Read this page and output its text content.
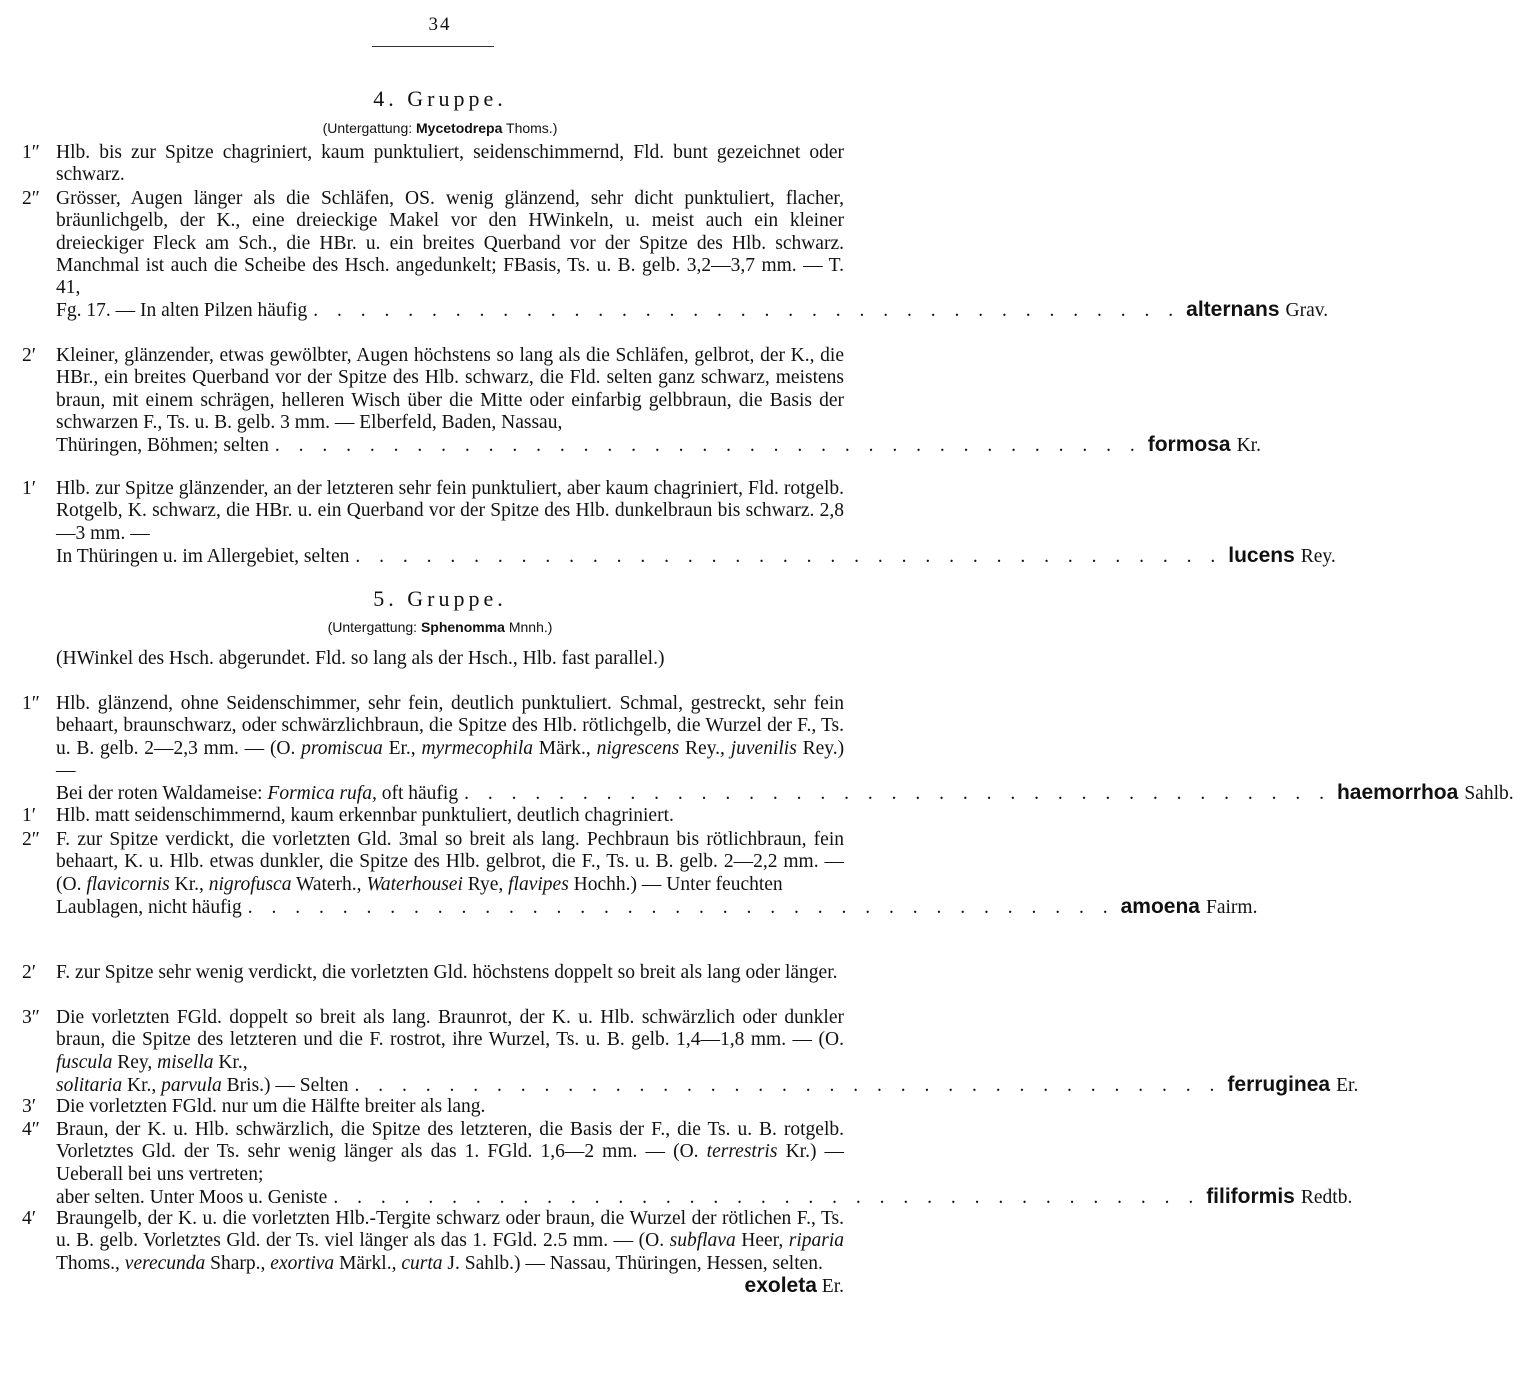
34
4. Gruppe.
(Untergattung: Mycetodrepa Thoms.)
1″ Hlb. bis zur Spitze chagriniert, kaum punktuliert, seidenschimmernd, Fld. bunt gezeichnet oder schwarz.
2″ Grösser, Augen länger als die Schläfen, OS. wenig glänzend, sehr dicht punktuliert, flacher, bräunlichgelb, der K., eine dreieckige Makel vor den HWinkeln, u. meist auch ein kleiner dreieckiger Fleck am Sch., die HBr. u. ein breites Querband vor der Spitze des Hlb. schwarz. Manchmal ist auch die Scheibe des Hsch. angedunkelt; FBasis, Ts. u. B. gelb. 3,2—3,7 mm. — T. 41,
Fg. 17. — In alten Pilzen häufig . . . . . . . . . . . . . . . . . . . . . . . . . . . . . . . . . . . . . alternans Grav.
2′ Kleiner, glänzender, etwas gewölbter, Augen höchstens so lang als die Schläfen, gelbrot, der K., die HBr., ein breites Querband vor der Spitze des Hlb. schwarz, die Fld. selten ganz schwarz, meistens braun, mit einem schrägen, helleren Wisch über die Mitte oder einfarbig gelbbraun, die Basis der schwarzen F., Ts. u. B. gelb. 3 mm. — Elberfeld, Baden, Nassau,
Thüringen, Böhmen; selten . . . . . . . . . . . . . . . . . . . . . . . . . . . . . . . . . . . . . formosa Kr.
1′ Hlb. zur Spitze glänzender, an der letzteren sehr fein punktuliert, aber kaum chagriniert, Fld. rotgelb. Rotgelb, K. schwarz, die HBr. u. ein Querband vor der Spitze des Hlb. dunkelbraun bis schwarz. 2,8—3 mm. —
In Thüringen u. im Allergebiet, selten . . . . . . . . . . . . . . . . . . . . . . . . . . . . . . . . . . . . . lucens Rey.
5. Gruppe.
(Untergattung: Sphenomma Mnnh.)
(HWinkel des Hsch. abgerundet. Fld. so lang als der Hsch., Hlb. fast parallel.)
1″ Hlb. glänzend, ohne Seidenschimmer, sehr fein, deutlich punktuliert. Schmal, gestreckt, sehr fein behaart, braunschwarz, oder schwärzlichbraun, die Spitze des Hlb. rötlichgelb, die Wurzel der F., Ts. u. B. gelb. 2—2,3 mm. — (O. promiscua Er., myrmecophila Märk., nigrescens Rey., juvenilis Rey.) —
Bei der roten Waldameise: Formica rufa, oft häufig . . . . . . . . . . . . . . . . . . . . . . . . . . . . . . . . . . . . . haemorrhoa Sahlb.
1′ Hlb. matt seidenschimmernd, kaum erkennbar punktuliert, deutlich chagriniert.
2″ F. zur Spitze verdickt, die vorletzten Gld. 3mal so breit als lang. Pechbraun bis rötlichbraun, fein behaart, K. u. Hlb. etwas dunkler, die Spitze des Hlb. gelbrot, die F., Ts. u. B. gelb. 2—2,2 mm. — (O. flavicornis Kr., nigrofusca Waterh., Waterhousei Rye, flavipes Hochh.) — Unter feuchten
Laublagen, nicht häufig . . . . . . . . . . . . . . . . . . . . . . . . . . . . . . . . . . . . . amoena Fairm.
2′ F. zur Spitze sehr wenig verdickt, die vorletzten Gld. höchstens doppelt so breit als lang oder länger.
3″ Die vorletzten FGld. doppelt so breit als lang. Braunrot, der K. u. Hlb. schwärzlich oder dunkler braun, die Spitze des letzteren und die F. rostrot, ihre Wurzel, Ts. u. B. gelb. 1,4—1,8 mm. — (O. fuscula Rey, misella Kr.,
solitaria Kr., parvula Bris.) — Selten . . . . . . . . . . . . . . . . . . . . . . . . . . . . . . . . . . . . . ferruginea Er.
3′ Die vorletzten FGld. nur um die Hälfte breiter als lang.
4″ Braun, der K. u. Hlb. schwärzlich, die Spitze des letzteren, die Basis der F., die Ts. u. B. rotgelb. Vorletztes Gld. der Ts. sehr wenig länger als das 1. FGld. 1,6—2 mm. — (O. terrestris Kr.) — Ueberall bei uns vertreten;
aber selten. Unter Moos u. Geniste . . . . . . . . . . . . . . . . . . . . . . . . . . . . . . . . . . . . . filiformis Redtb.
4′ Braungelb, der K. u. die vorletzten Hlb.-Tergite schwarz oder braun, die Wurzel der rötlichen F., Ts. u. B. gelb. Vorletztes Gld. der Ts. viel länger als das 1. FGld. 2.5 mm. — (O. subflava Heer, riparia Thoms., verecunda Sharp., exortiva Märkl., curta J. Sahlb.) — Nassau, Thüringen, Hessen, selten.
exoleta Er.
